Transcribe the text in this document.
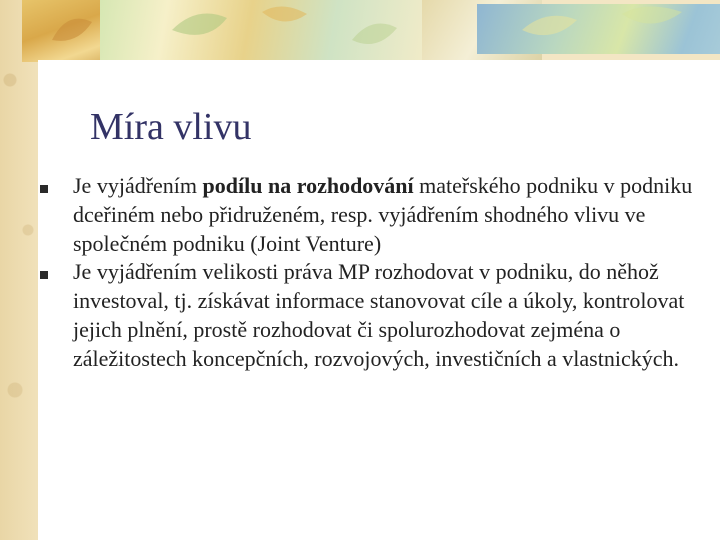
Míra vlivu
Je vyjádřením podílu na rozhodování mateřského podniku v podniku dceřiném nebo přidruženém, resp. vyjádřením shodného vlivu ve společném podniku (Joint Venture)
Je vyjádřením velikosti práva MP rozhodovat v podniku, do něhož investoval, tj. získávat informace stanovovat cíle a úkoly, kontrolovat jejich plnění, prostě rozhodovat či spolurozhodovat zejména o záležitostech koncepčních, rozvojových, investičních a vlastnických.
